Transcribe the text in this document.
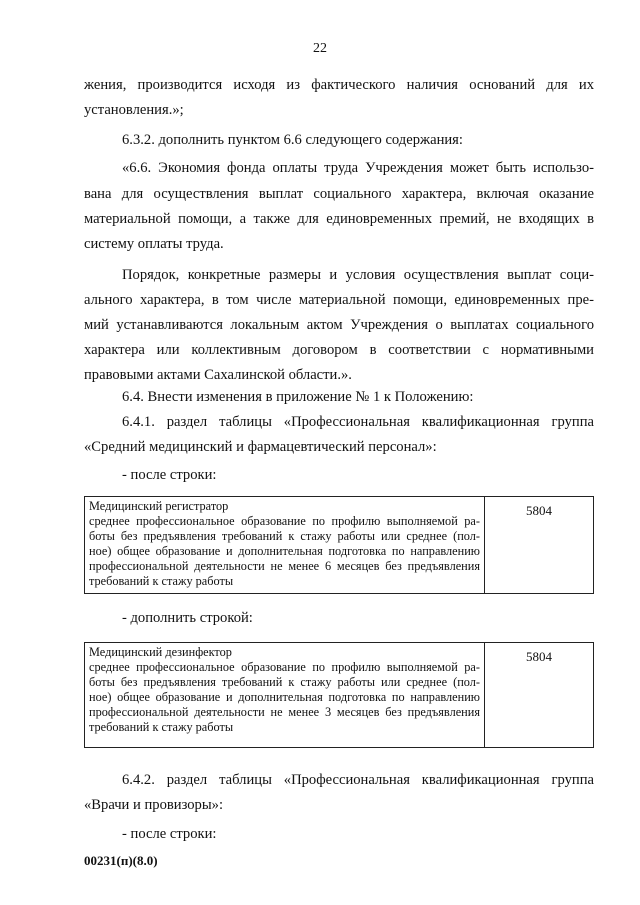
22

жения, производится исходя из фактического наличия оснований для их

установления.»;

6.3.2. дополнить пунктом 6.6 следующего содержания:

«6.6. Экономия фонда оплаты труда Учреждения может быть использо-

вана для осуществления выплат социального характера, включая оказание

материальной помощи, а также для единовременных премий, не входящих в

систему оплаты труда.

Порядок, конкретные размеры и условия осуществления выплат соци-

ального характера, в том числе материальной помощи, единовременных пре-

мий устанавливаются локальным актом Учреждения о выплатах социального

характера или коллективным договором в соответствии с нормативными

правовыми актами Сахалинской области.».

6.4. Внести изменения в приложение № 1 к Положению:

6.4.1. раздел таблицы «Профессиональная квалификационная группа

«Средний медицинский и фармацевтический персонал»:

- после строки:

Медицинский регистратор
среднее профессиональное образование по профилю выполняемой ра-
боты без предъявления требований к стажу работы или среднее (пол-
ное) общее образование и дополнительная подготовка по направлению
профессиональной деятельности не менее 6 месяцев без предъявления
требований к стажу работы
5804

- дополнить строкой:

Медицинский дезинфектор
среднее профессиональное образование по профилю выполняемой ра-
боты без предъявления требований к стажу работы или среднее (пол-
ное) общее образование и дополнительная подготовка по направлению
профессиональной деятельности не менее 3 месяцев без предъявления
требований к стажу работы
5804

6.4.2. раздел таблицы «Профессиональная квалификационная группа

«Врачи и провизоры»:

- после строки:

00231(п)(8.0)
